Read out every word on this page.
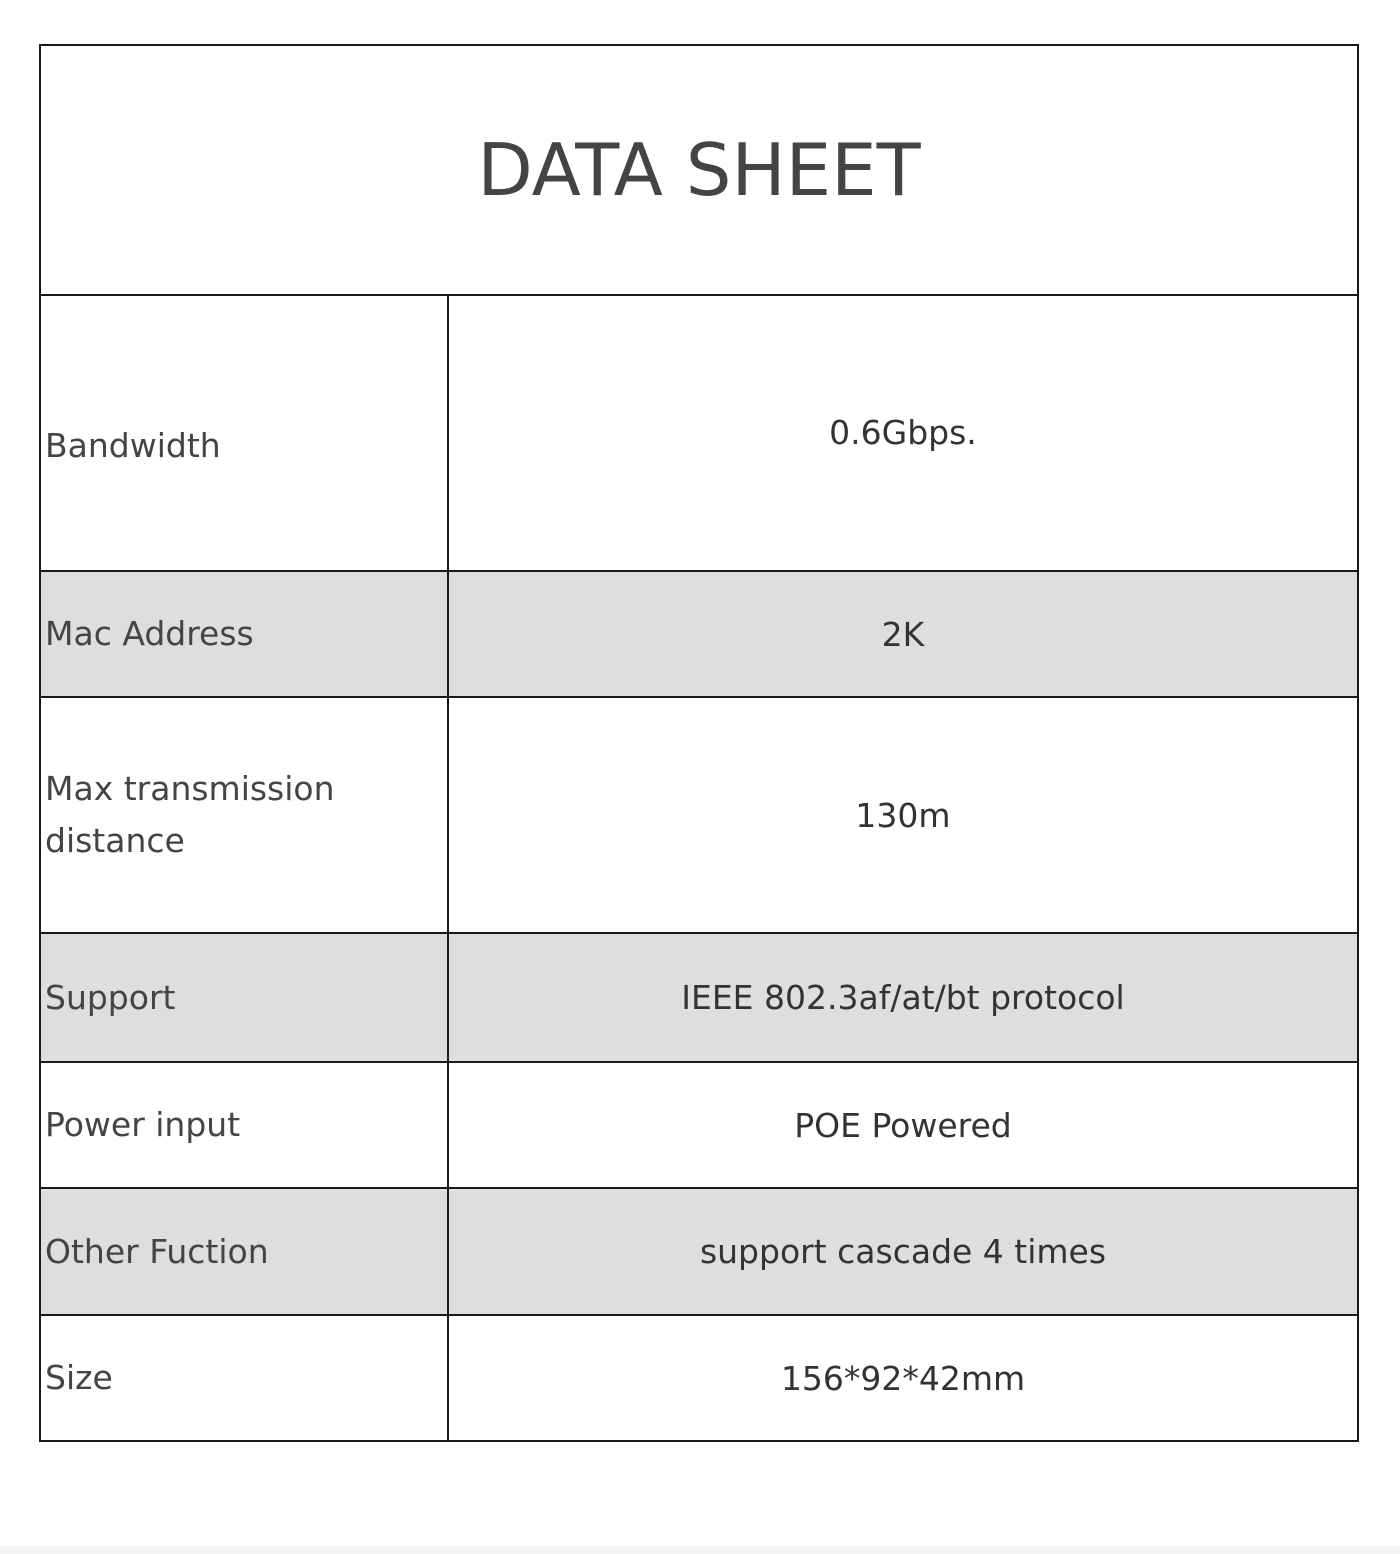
DATA SHEET	
Bandwidth	0.6Gbps.
Mac Address	2K
Max transmission distance	130m
Support	IEEE 802.3af/at/bt protocol
Power input	POE Powered
Other Fuction	support cascade 4 times
Size	156*92*42mm
